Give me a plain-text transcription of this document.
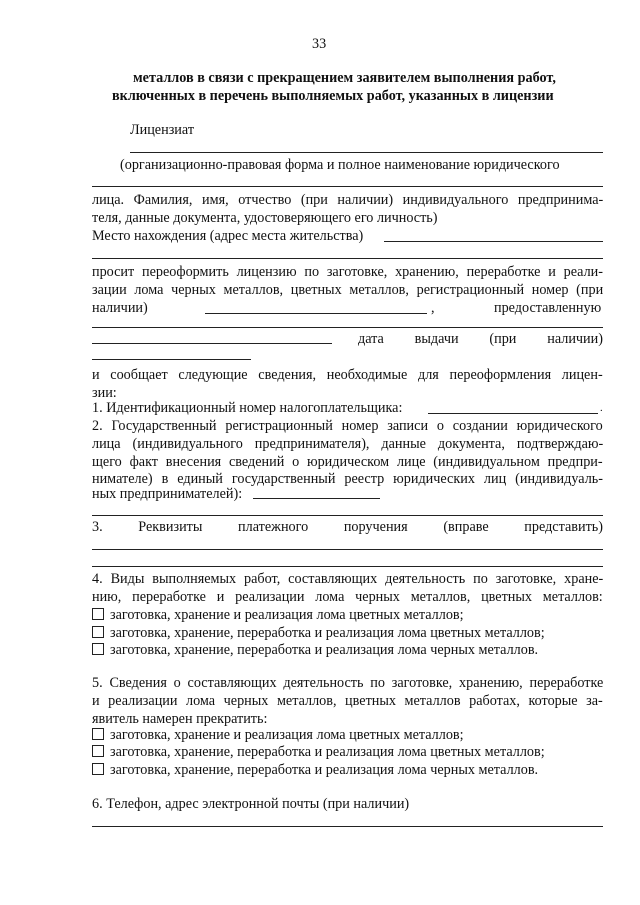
33
металлов в связи с прекращением заявителем выполнения работ,
включенных в перечень выполняемых работ, указанных в лицензии
Лицензиат
(организационно-правовая форма и полное наименование юридического
лица. Фамилия, имя, отчество (при наличии) индивидуального предпринима-
теля, данные документа, удостоверяющего его личность)
Место нахождения (адрес места жительства)
просит переоформить лицензию по заготовке, хранению, переработке и реали-
зации лома черных металлов, цветных металлов, регистрационный номер (при
наличии)	,	предоставленную
дата выдачи (при наличии)
и сообщает следующие сведения, необходимые для переоформления лицен-
зии:
1. Идентификационный номер налогоплательщика:	.
2. Государственный регистрационный номер записи о создании юридического
лица (индивидуального предпринимателя), данные документа, подтверждаю-
щего факт внесения сведений о юридическом лице (индивидуальном предпри-
нимателе) в единый государственный реестр юридических лиц (индивидуаль-
ных предпринимателей):
3.	Реквизиты	платежного	поручения	(вправе	представить)
4. Виды выполняемых работ, составляющих деятельность по заготовке, хране-
нию, переработке и реализации лома черных металлов, цветных металлов:
заготовка, хранение и реализация лома цветных металлов;
заготовка, хранение, переработка и реализация лома цветных металлов;
заготовка, хранение, переработка и реализация лома черных металлов.
5. Сведения о составляющих деятельность по заготовке, хранению, переработке
и реализации лома черных металлов, цветных металлов работах, которые за-
явитель намерен прекратить:
заготовка, хранение и реализация лома цветных металлов;
заготовка, хранение, переработка и реализация лома цветных металлов;
заготовка, хранение, переработка и реализация лома черных металлов.
6. Телефон, адрес электронной почты (при наличии)
